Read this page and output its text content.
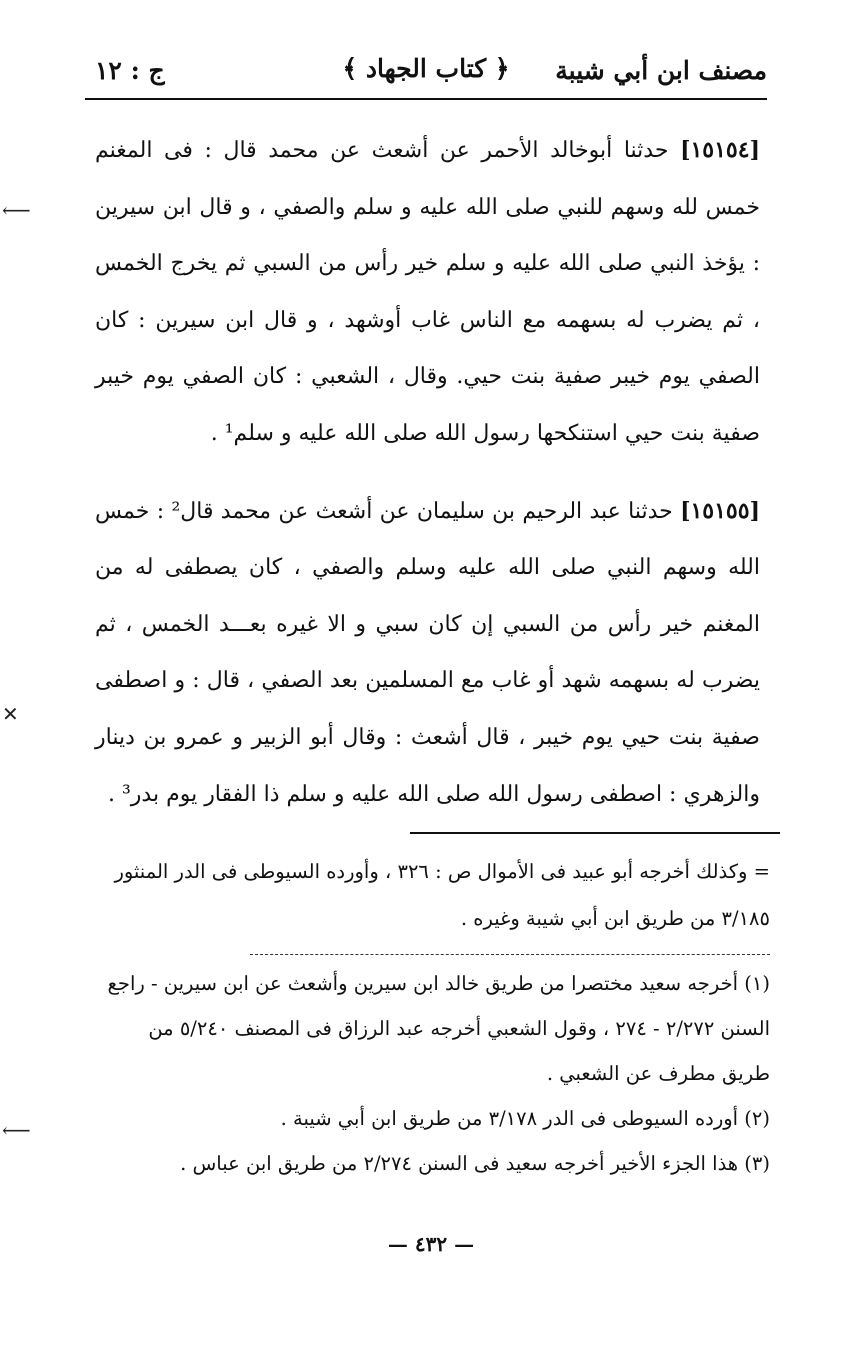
مصنف ابن أبي شيبة
﴿ كتاب الجهاد ﴾
ج : ١٢
⟵
✕
⟵

[١٥١٥٤] حدثنا أبوخالد الأحمر عن أشعث عن محمد قال : فى المغنم خمس لله وسهم للنبي صلى الله عليه و سلم والصفي ، و قال ابن سيرين : يؤخذ النبي صلى الله عليه و سلم خير رأس من السبي ثم يخرج الخمس ، ثم يضرب له بسهمه مع الناس غاب أوشهد ، و قال ابن سيرين : كان الصفي يوم خيبر صفية بنت حيي. وقال ، الشعبي : كان الصفي يوم خيبر صفية بنت حيي استنكحها رسول الله صلى الله عليه و سلم¹ .

[١٥١٥٥] حدثنا عبد الرحيم بن سليمان عن أشعث عن محمد قال² : خمس الله وسهم النبي صلى الله عليه وسلم والصفي ، كان يصطفى له من المغنم خير رأس من السبي إن كان سبي و الا غيره بعـــد الخمس ، ثم يضرب له بسهمه شهد أو غاب مع المسلمين بعد الصفي ، قال : و اصطفى صفية بنت حيي يوم خيبر ، قال أشعث : وقال أبو الزبير و عمرو بن دينار والزهري : اصطفى رسول الله صلى الله عليه و سلم ذا الفقار يوم بدر³ .

= وكذلك أخرجه أبو عبيد فى الأموال ص : ٣٢٦ ، وأورده السيوطى فى الدر المنثور ٣/١٨٥ من طريق ابن أبي شيبة وغيره .
(١) أخرجه سعيد مختصرا من طريق خالد ابن سيرين وأشعث عن ابن سيرين - راجع السنن ٢/٢٧٢ - ٢٧٤ ، وقول الشعبي أخرجه عبد الرزاق فى المصنف ٥/٢٤٠ من طريق مطرف عن الشعبي .
(٢) أورده السيوطى فى الدر ٣/١٧٨ من طريق ابن أبي شيبة .
(٣) هذا الجزء الأخير أخرجه سعيد فى السنن ٢/٢٧٤ من طريق ابن عباس .
— ٤٣٢ —
